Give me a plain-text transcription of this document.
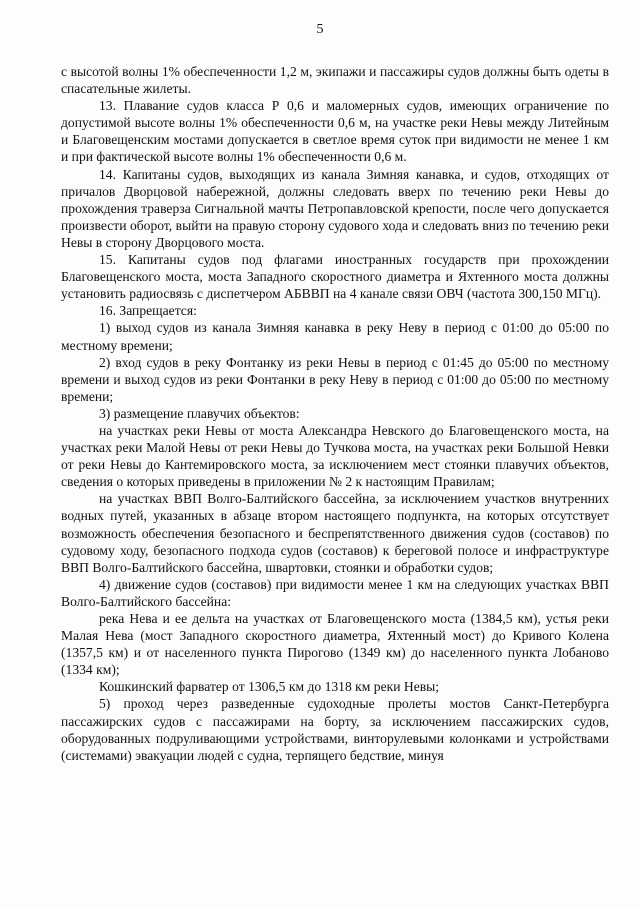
5

с высотой волны 1% обеспеченности 1,2 м, экипажи и пассажиры судов должны быть одеты в спасательные жилеты.

13. Плавание судов класса Р 0,6 и маломерных судов, имеющих ограничение по допустимой высоте волны 1% обеспеченности 0,6 м, на участке реки Невы между Литейным и Благовещенским мостами допускается в светлое время суток при видимости не менее 1 км и при фактической высоте волны 1% обеспеченности 0,6 м.

14. Капитаны судов, выходящих из канала Зимняя канавка, и судов, отходящих от причалов Дворцовой набережной, должны следовать вверх по течению реки Невы до прохождения траверза Сигнальной мачты Петропавловской крепости, после чего допускается произвести оборот, выйти на правую сторону судового хода и следовать вниз по течению реки Невы в сторону Дворцового моста.

15. Капитаны судов под флагами иностранных государств при прохождении Благовещенского моста, моста Западного скоростного диаметра и Яхтенного моста должны установить радиосвязь с диспетчером АБВВП на 4 канале связи ОВЧ (частота 300,150 МГц).

16. Запрещается:

1) выход судов из канала Зимняя канавка в реку Неву в период с 01:00 до 05:00 по местному времени;

2) вход судов в реку Фонтанку из реки Невы в период с 01:45 до 05:00 по местному времени и выход судов из реки Фонтанки в реку Неву в период с 01:00 до 05:00 по местному времени;

3) размещение плавучих объектов:

на участках реки Невы от моста Александра Невского до Благовещенского моста, на участках реки Малой Невы от реки Невы до Тучкова моста, на участках реки Большой Невки от реки Невы до Кантемировского моста, за исключением мест стоянки плавучих объектов, сведения о которых приведены в приложении № 2 к настоящим Правилам;

на участках ВВП Волго-Балтийского бассейна, за исключением участков внутренних водных путей, указанных в абзаце втором настоящего подпункта, на которых отсутствует возможность обеспечения безопасного и беспрепятственного движения судов (составов) по судовому ходу, безопасного подхода судов (составов) к береговой полосе и инфраструктуре ВВП Волго-Балтийского бассейна, швартовки, стоянки и обработки судов;

4) движение судов (составов) при видимости менее 1 км на следующих участках ВВП Волго-Балтийского бассейна:

река Нева и ее дельта на участках от Благовещенского моста (1384,5 км), устья реки Малая Нева (мост Западного скоростного диаметра, Яхтенный мост) до Кривого Колена (1357,5 км) и от населенного пункта Пирогово (1349 км) до населенного пункта Лобаново (1334 км);

Кошкинский фарватер от 1306,5 км до 1318 км реки Невы;

5) проход через разведенные судоходные пролеты мостов Санкт-Петербурга пассажирских судов с пассажирами на борту, за исключением пассажирских судов, оборудованных подруливающими устройствами, винторулевыми колонками и устройствами (системами) эвакуации людей с судна, терпящего бедствие, минуя
